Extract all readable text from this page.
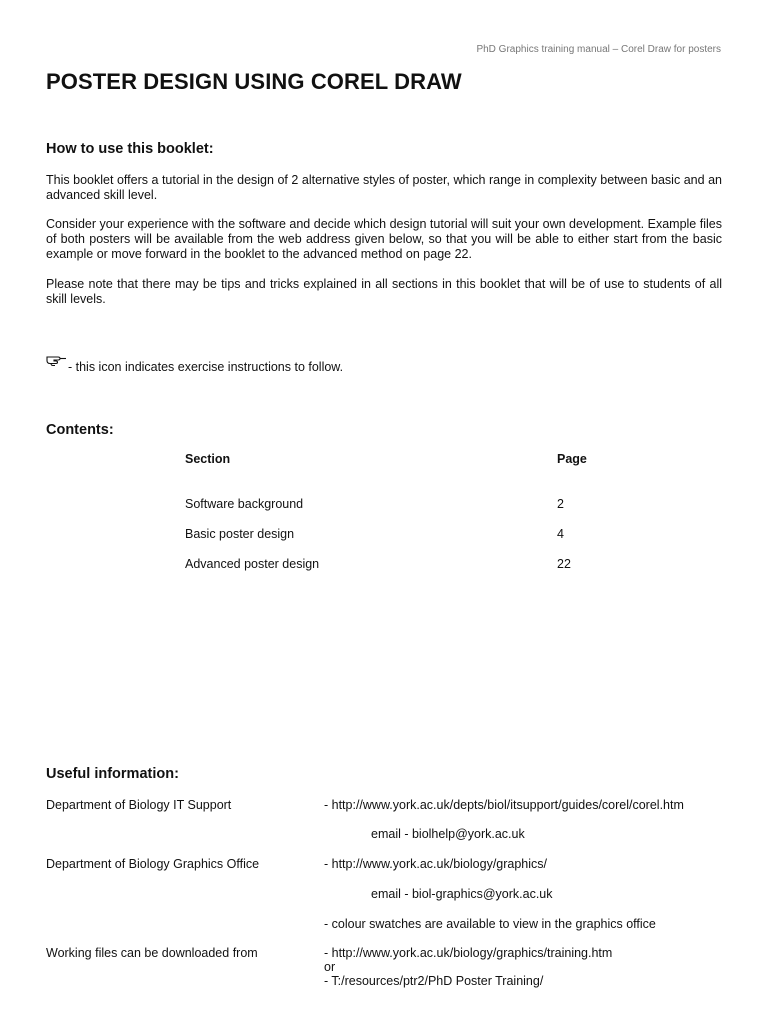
PhD Graphics training manual – Corel Draw for posters
POSTER DESIGN USING COREL DRAW
How to use this booklet:

This booklet offers a tutorial in the design of 2 alternative styles of poster, which range in complexity between basic and an advanced skill level.

Consider your experience with the software and decide which design tutorial will suit your own development. Example files of both posters will be available from the web address given below, so that you will be able to either start from the basic example or move forward in the booklet to the advanced method on page 22.

Please note that there may be tips and tricks explained in all sections in this booklet that will be of use to students of all skill levels.

- this icon indicates exercise instructions to follow.
Contents:
Section	Page
Software background	2
Basic poster design	4
Advanced poster design	22
Useful information:
Department of Biology IT Support	- http://www.york.ac.uk/depts/biol/itsupport/guides/corel/corel.htm
email - biolhelp@york.ac.uk
Department of Biology Graphics Office	- http://www.york.ac.uk/biology/graphics/
email - biol-graphics@york.ac.uk
- colour swatches are available to view in the graphics office
Working files can be downloaded from	- http://www.york.ac.uk/biology/graphics/training.htm
or
- T:/resources/ptr2/PhD Poster Training/
